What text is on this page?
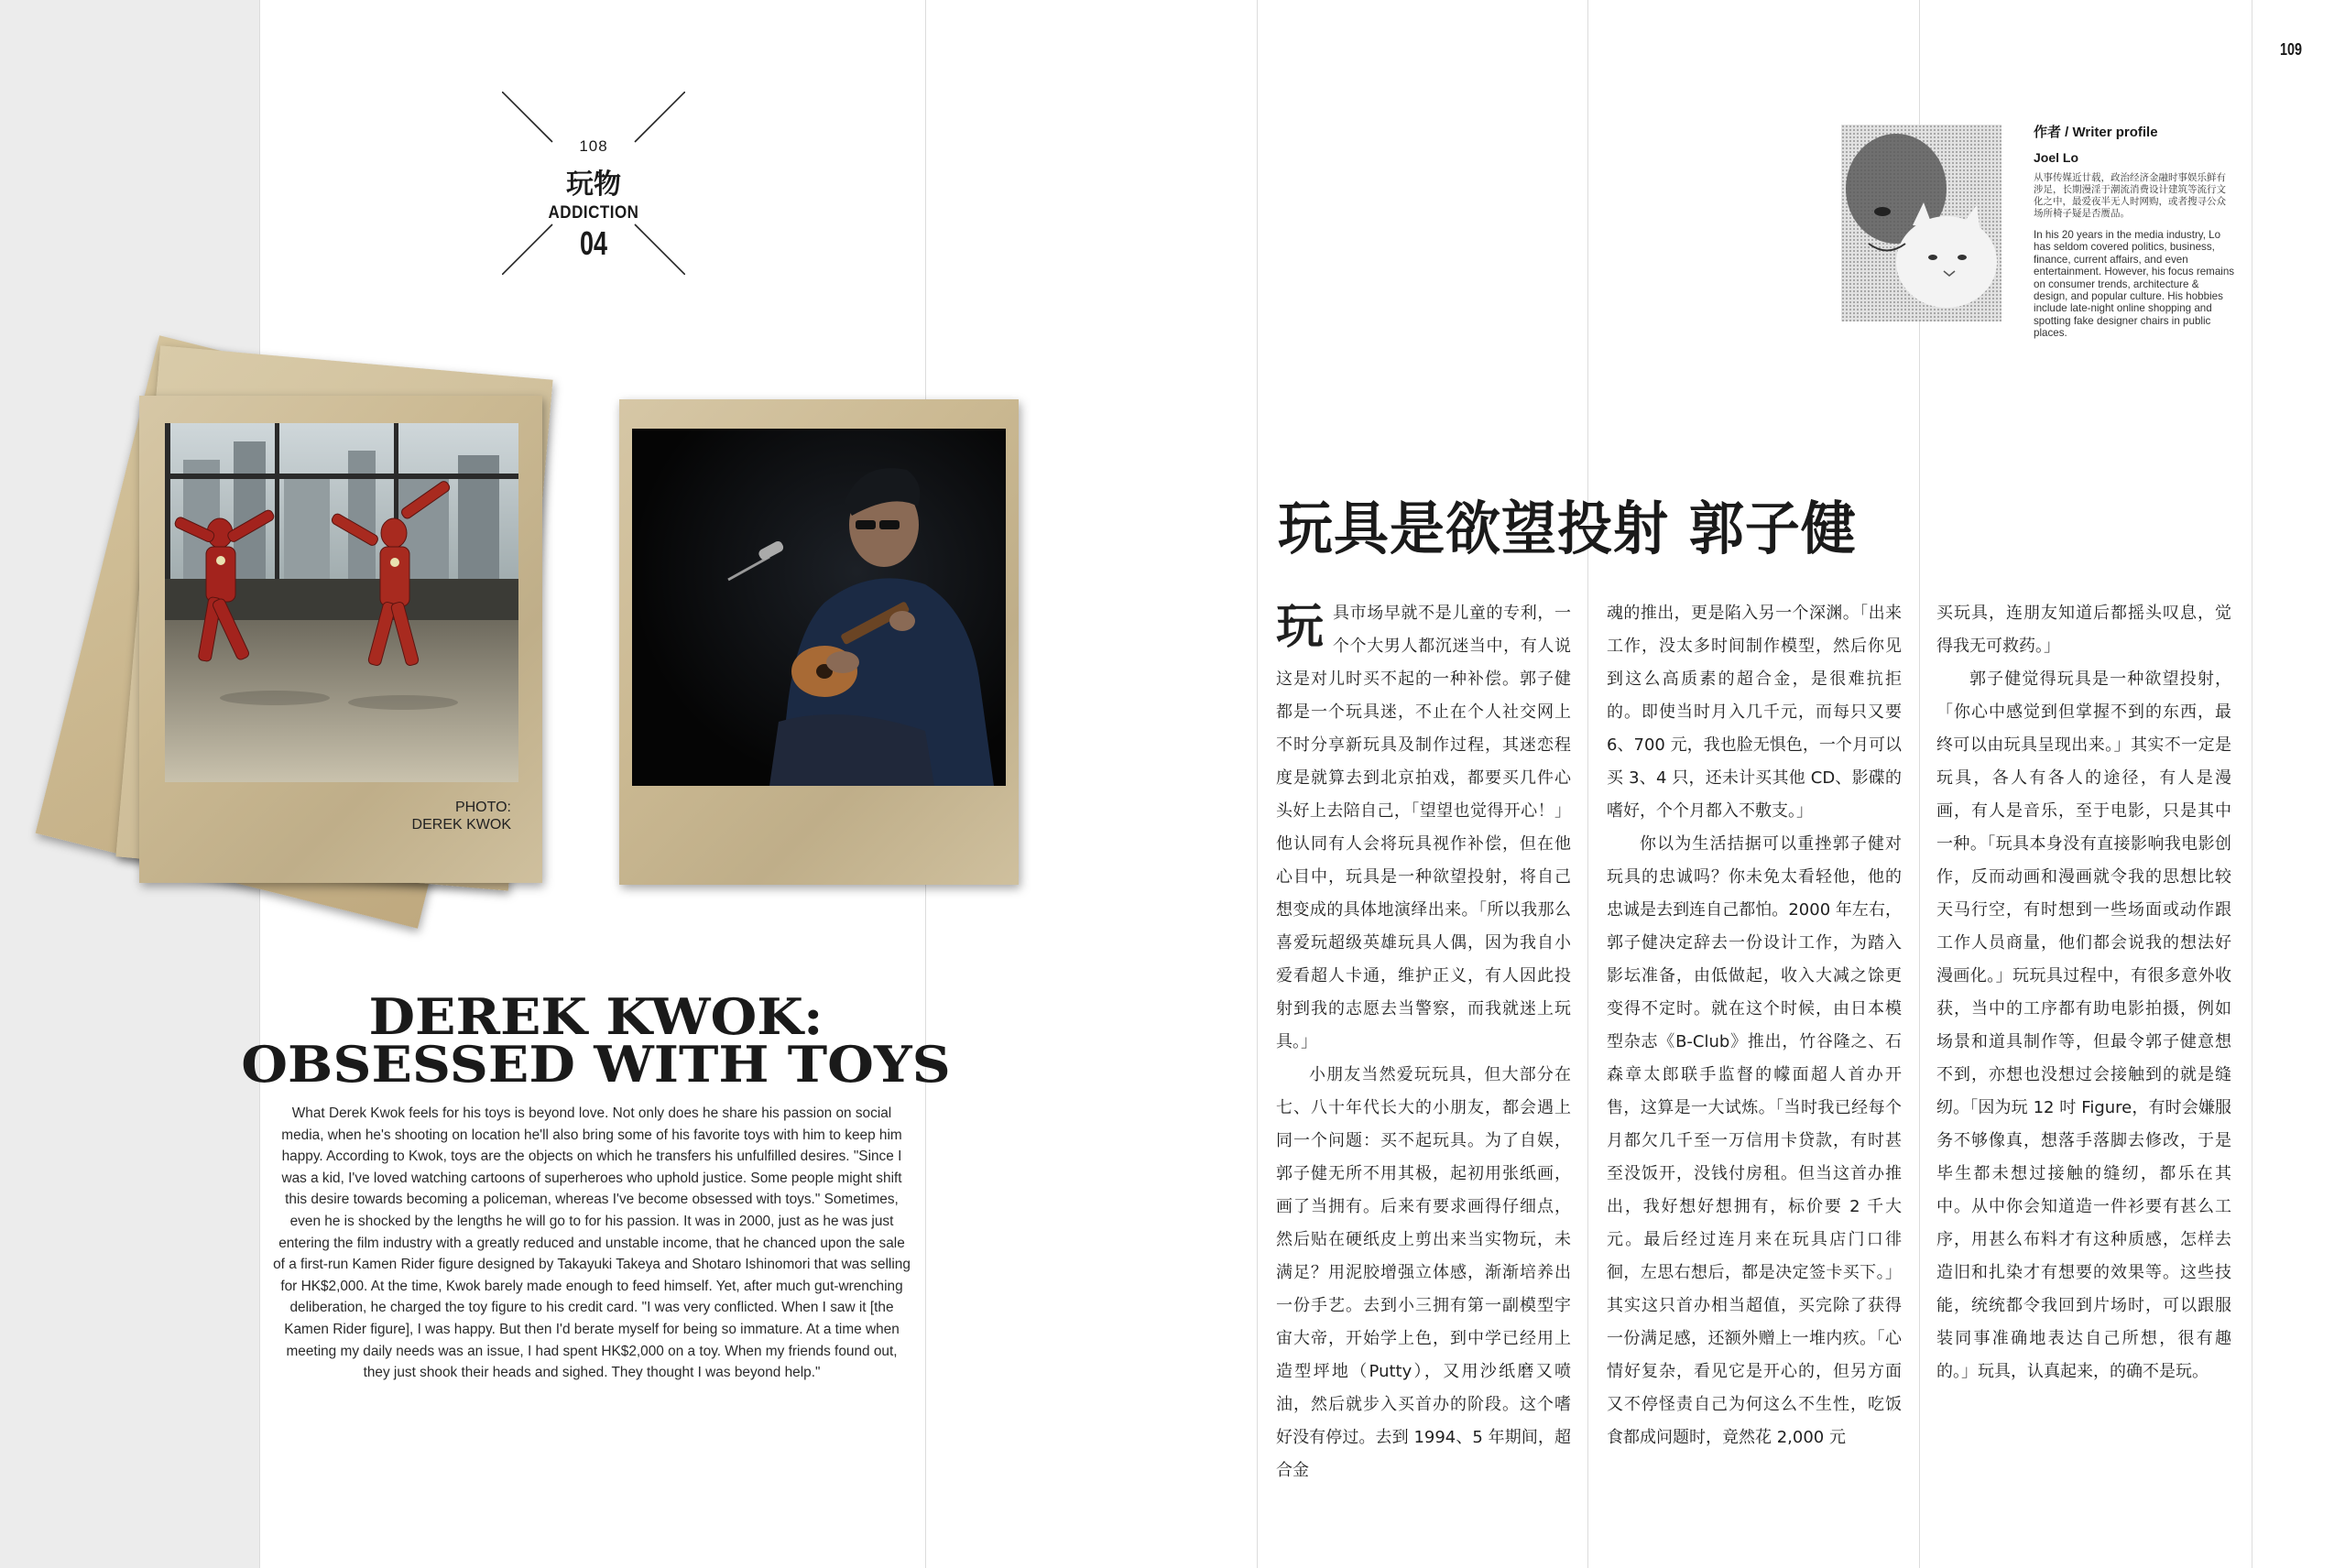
108
玩物
ADDICTION
04
PHOTO:
DEREK KWOK
DEREK KWOK:
OBSESSED WITH TOYS
What Derek Kwok feels for his toys is beyond love. Not only does he share his passion on social media, when he's shooting on location he'll also bring some of his favorite toys with him to keep him happy. According to Kwok, toys are the objects on which he transfers his unfulfilled desires. "Since I was a kid, I've loved watching cartoons of superheroes who uphold justice. Some people might shift this desire towards becoming a policeman, whereas I've become obsessed with toys." Sometimes, even he is shocked by the lengths he will go to for his passion. It was in 2000, just as he was just entering the film industry with a greatly reduced and unstable income, that he chanced upon the sale of a first-run Kamen Rider figure designed by Takayuki Takeya and Shotaro Ishinomori that was selling for HK$2,000. At the time, Kwok barely made enough to feed himself. Yet, after much gut-wrenching deliberation, he charged the toy figure to his credit card. "I was very conflicted. When I saw it [the Kamen Rider figure], I was happy. But then I'd berate myself for being so immature. At a time when meeting my daily needs was an issue, I had spent HK$2,000 on a toy. When my friends found out, they just shook their heads and sighed. They thought I was beyond help."
109
作者 / Writer profile
Joel Lo
从事传媒近廿载，政治经济金融时事娱乐鲜有涉足，长期漫淫于潮流消费设计建筑等流行文化之中，最爱夜半无人时网购，或者搜寻公众场所椅子疑是否赝品。
In his 20 years in the media industry, Lo has seldom covered politics, business, finance, current affairs, and even entertainment. However, his focus remains on consumer trends, architecture & design, and popular culture. His hobbies include late-night online shopping and spotting fake designer chairs in public places.
玩具是欲望投射 郭子健
玩 具市场早就不是儿童的专利，一个个大男人都沉迷当中，有人说这是对儿时买不起的一种补偿。郭子健都是一个玩具迷，不止在个人社交网上不时分享新玩具及制作过程，其迷恋程度是就算去到北京拍戏，都要买几件心头好上去陪自己，「望望也觉得开心！」他认同有人会将玩具视作补偿，但在他心目中，玩具是一种欲望投射，将自己想变成的具体地演绎出来。「所以我那么喜爱玩超级英雄玩具人偶，因为我自小爱看超人卡通，维护正义，有人因此投射到我的志愿去当警察，而我就迷上玩具。」

小朋友当然爱玩玩具，但大部分在七、八十年代长大的小朋友，都会遇上同一个问题：买不起玩具。为了自娱，郭子健无所不用其极，起初用张纸画，画了当拥有。后来有要求画得仔细点，然后贴在硬纸皮上剪出来当实物玩，未满足？用泥胶增强立体感，渐渐培养出一份手艺。去到小三拥有第一副模型宇宙大帝，开始学上色，到中学已经用上造型坪地（Putty），又用沙纸磨又喷油，然后就步入买首办的阶段。这个嗜好没有停过。去到 1994、5 年期间，超合金

魂的推出，更是陷入另一个深渊。「出来工作，没太多时间制作模型，然后你见到这么高质素的超合金，是很难抗拒的。即使当时月入几千元，而每只又要 6、700 元，我也脸无惧色，一个月可以买 3、4 只，还未计买其他 CD、影碟的嗜好，个个月都入不敷支。」

你以为生活拮据可以重挫郭子健对玩具的忠诚吗？你未免太看轻他，他的忠诚是去到连自己都怕。2000 年左右，郭子健决定辞去一份设计工作，为踏入影坛准备，由低做起，收入大减之馀更变得不定时。就在这个时候，由日本模型杂志《B-Club》推出，竹谷隆之、石森章太郎联手监督的幪面超人首办开售，这算是一大试炼。「当时我已经每个月都欠几千至一万信用卡贷款，有时甚至没饭开，没钱付房租。但当这首办推出，我好想好想拥有，标价要 2 千大元。最后经过连月来在玩具店门口徘徊，左思右想后，都是决定签卡买下。」其实这只首办相当超值，买完除了获得一份满足感，还额外赠上一堆内疚。「心情好复杂，看见它是开心的，但另方面又不停怪责自己为何这么不生性，吃饭食都成问题时，竟然花 2,000 元

买玩具，连朋友知道后都摇头叹息，觉得我无可救药。」

郭子健觉得玩具是一种欲望投射，「你心中感觉到但掌握不到的东西，最终可以由玩具呈现出来。」其实不一定是玩具，各人有各人的途径，有人是漫画，有人是音乐，至于电影，只是其中一种。「玩具本身没有直接影响我电影创作，反而动画和漫画就令我的思想比较天马行空，有时想到一些场面或动作跟工作人员商量，他们都会说我的想法好漫画化。」玩玩具过程中，有很多意外收获，当中的工序都有助电影拍摄，例如场景和道具制作等，但最令郭子健意想不到，亦想也没想过会接触到的就是缝纫。「因为玩 12 吋 Figure，有时会嫌服务不够像真，想落手落脚去修改，于是毕生都未想过接触的缝纫，都乐在其中。从中你会知道造一件衫要有甚么工序，用甚么布料才有这种质感，怎样去造旧和扎染才有想要的效果等。这些技能，统统都令我回到片场时，可以跟服装同事准确地表达自己所想，很有趣的。」玩具，认真起来，的确不是玩。
